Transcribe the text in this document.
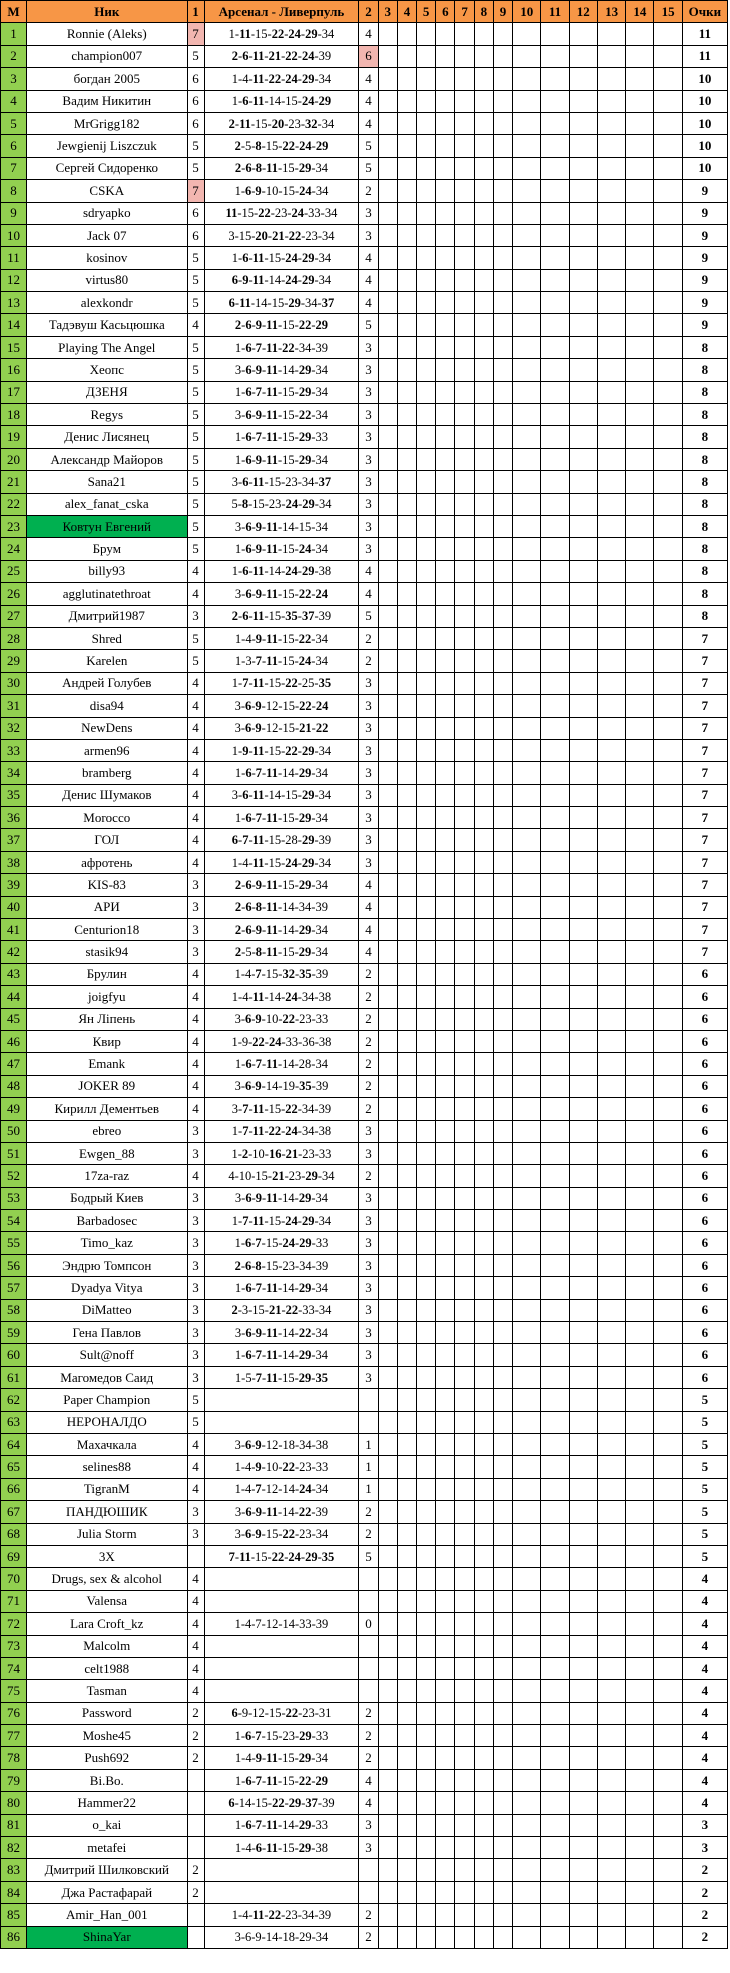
М	Ник	1	Арсенал - Ливерпуль	2	3	4	5	6	7	8	9	10	11	12	13	14	15	Очки
1	Ronnie (Aleks)	7	1-11-15-22-24-29-34	4														11
2	champion007	5	2-6-11-21-22-24-39	6														11
3	богдан 2005	6	1-4-11-22-24-29-34	4														10
4	Вадим Никитин	6	1-6-11-14-15-24-29	4														10
5	MrGrigg182	6	2-11-15-20-23-32-34	4														10
6	Jewgienij Liszczuk	5	2-5-8-15-22-24-29	5														10
7	Сергей Сидоренко	5	2-6-8-11-15-29-34	5														10
8	CSKA	7	1-6-9-10-15-24-34	2														9
9	sdryapko	6	11-15-22-23-24-33-34	3														9
10	Jack 07	6	3-15-20-21-22-23-34	3														9
11	kosinov	5	1-6-11-15-24-29-34	4														9
12	virtus80	5	6-9-11-14-24-29-34	4														9
13	alexkondr	5	6-11-14-15-29-34-37	4														9
14	Тадэвуш Касьцюшка	4	2-6-9-11-15-22-29	5														9
15	Playing The Angel	5	1-6-7-11-22-34-39	3														8
16	Хеопс	5	3-6-9-11-14-29-34	3														8
17	ДЗЕНЯ	5	1-6-7-11-15-29-34	3														8
18	Regys	5	3-6-9-11-15-22-34	3														8
19	Денис Лисянец	5	1-6-7-11-15-29-33	3														8
20	Александр Майоров	5	1-6-9-11-15-29-34	3														8
21	Sana21	5	3-6-11-15-23-34-37	3														8
22	alex_fanat_cska	5	5-8-15-23-24-29-34	3														8
23	Ковтун Евгений	5	3-6-9-11-14-15-34	3														8
24	Брум	5	1-6-9-11-15-24-34	3														8
25	billy93	4	1-6-11-14-24-29-38	4														8
26	agglutinatethroat	4	3-6-9-11-15-22-24	4														8
27	Дмитрий1987	3	2-6-11-15-35-37-39	5														8
28	Shred	5	1-4-9-11-15-22-34	2														7
29	Karelen	5	1-3-7-11-15-24-34	2														7
30	Андрей Голубев	4	1-7-11-15-22-25-35	3														7
31	disa94	4	3-6-9-12-15-22-24	3														7
32	NewDens	4	3-6-9-12-15-21-22	3														7
33	armen96	4	1-9-11-15-22-29-34	3														7
34	bramberg	4	1-6-7-11-14-29-34	3														7
35	Денис Шумаков	4	3-6-11-14-15-29-34	3														7
36	Morocco	4	1-6-7-11-15-29-34	3														7
37	ГОЛ	4	6-7-11-15-28-29-39	3														7
38	афротень	4	1-4-11-15-24-29-34	3														7
39	KIS-83	3	2-6-9-11-15-29-34	4														7
40	АРИ	3	2-6-8-11-14-34-39	4														7
41	Centurion18	3	2-6-9-11-14-29-34	4														7
42	stasik94	3	2-5-8-11-15-29-34	4														7
43	Брулин	4	1-4-7-15-32-35-39	2														6
44	joigfyu	4	1-4-11-14-24-34-38	2														6
45	Ян Ліпень	4	3-6-9-10-22-23-33	2														6
46	Квир	4	1-9-22-24-33-36-38	2														6
47	Emank	4	1-6-7-11-14-28-34	2														6
48	JOKER 89	4	3-6-9-14-19-35-39	2														6
49	Кирилл Дементьев	4	3-7-11-15-22-34-39	2														6
50	ebreo	3	1-7-11-22-24-34-38	3														6
51	Ewgen_88	3	1-2-10-16-21-23-33	3														6
52	17za-raz	4	4-10-15-21-23-29-34	2														6
53	Бодрый Киев	3	3-6-9-11-14-29-34	3														6
54	Barbadosec	3	1-7-11-15-24-29-34	3														6
55	Timo_kaz	3	1-6-7-15-24-29-33	3														6
56	Эндрю Томпсон	3	2-6-8-15-23-34-39	3														6
57	Dyadya Vitya	3	1-6-7-11-14-29-34	3														6
58	DiMatteo	3	2-3-15-21-22-33-34	3														6
59	Гена Павлов	3	3-6-9-11-14-22-34	3														6
60	Sult@noff	3	1-6-7-11-14-29-34	3														6
61	Магомедов Саид	3	1-5-7-11-15-29-35	3														6
62	Paper Champion	5																5
63	НЕРОНАЛДО	5																5
64	Махачкала	4	3-6-9-12-18-34-38	1														5
65	selines88	4	1-4-9-10-22-23-33	1														5
66	TigranM	4	1-4-7-12-14-24-34	1														5
67	ПАНДЮШИК	3	3-6-9-11-14-22-39	2														5
68	Julia Storm	3	3-6-9-15-22-23-34	2														5
69	3X		7-11-15-22-24-29-35	5														5
70	Drugs, sex & alcohol	4																4
71	Valensa	4																4
72	Lara Croft_kz	4	1-4-7-12-14-33-39	0														4
73	Malcolm	4																4
74	celt1988	4																4
75	Tasman	4																4
76	Password	2	6-9-12-15-22-23-31	2														4
77	Moshe45	2	1-6-7-15-23-29-33	2														4
78	Push692	2	1-4-9-11-15-29-34	2														4
79	Bi.Bo.		1-6-7-11-15-22-29	4														4
80	Hammer22		6-14-15-22-29-37-39	4														4
81	o_kai		1-6-7-11-14-29-33	3														3
82	metafei		1-4-6-11-15-29-38	3														3
83	Дмитрий Шилковский	2																2
84	Джа Растафарай	2																2
85	Amir_Han_001		1-4-11-22-23-34-39	2														2
86	ShinaYar		3-6-9-14-18-29-34	2														2
